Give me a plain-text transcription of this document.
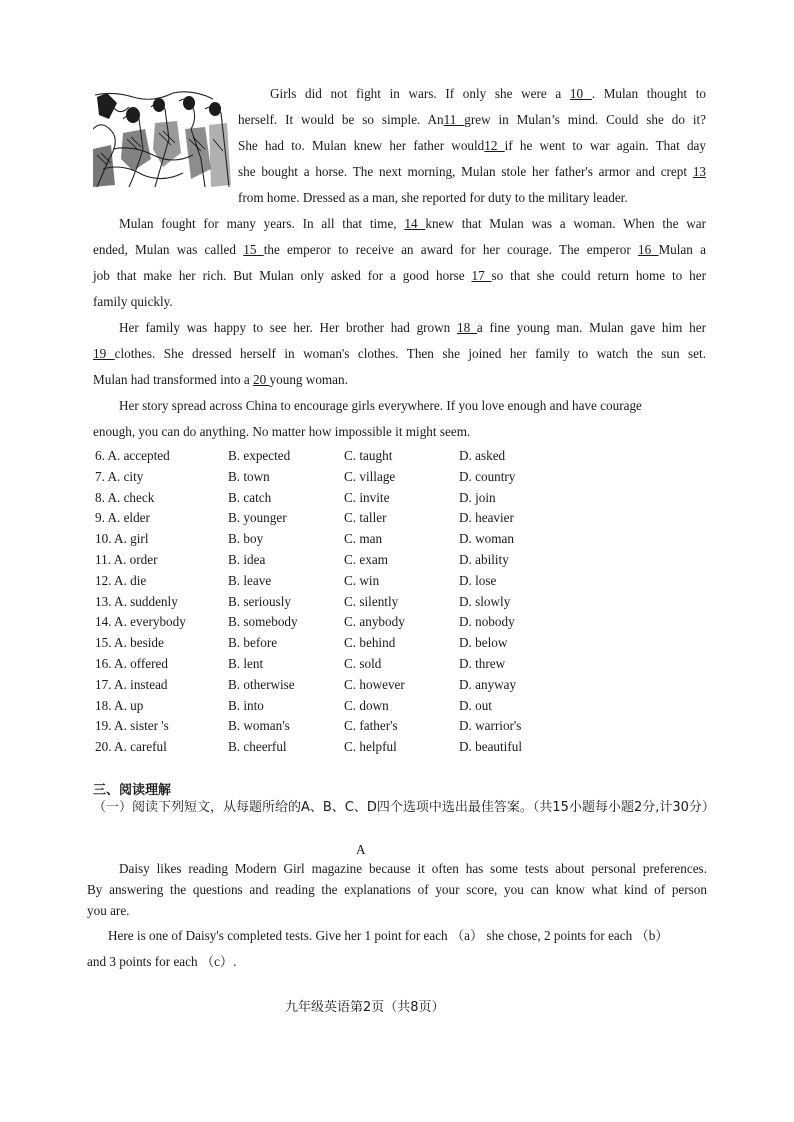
Girls did not fight in wars. If only she were a 10 . Mulan thought to
herself. It would be so simple. An11 grew in Mulan’s mind. Could she do it?
She had to. Mulan knew her father would12 if he went to war again. That day
she bought a horse. The next morning, Mulan stole her father's armor and crept 13
from home. Dressed as a man, she reported for duty to the military leader.
Mulan fought for many years. In all that time, 14 knew that Mulan was a woman. When the war
ended, Mulan was called 15 the emperor to receive an award for her courage. The emperor 16 Mulan a
job that make her rich. But Mulan only asked for a good horse 17 so that she could return home to her
family quickly.
Her family was happy to see her. Her brother had grown 18 a fine young man. Mulan gave him her
19 clothes. She dressed herself in woman's clothes. Then she joined her family to watch the sun set.
Mulan had transformed into a 20 young woman.
Her story spread across China to encourage girls everywhere. If you love enough and have courage
enough, you can do anything. No matter how impossible it might seem.
6. A. accepted	B. expected	C. taught	D. asked
7. A. city	B. town	C. village	D. country
8. A. check	B. catch	C. invite	D. join
9. A. elder	B. younger	C. taller	D. heavier
10. A. girl	B. boy	C. man	D. woman
11. A. order	B. idea	C. exam	D. ability
12. A. die	B. leave	C. win	D. lose
13. A. suddenly	B. seriously	C. silently	D. slowly
14. A. everybody	B. somebody	C. anybody	D. nobody
15. A. beside	B. before	C. behind	D. below
16. A. offered	B. lent	C. sold	D. threw
17. A. instead	B. otherwise	C. however	D. anyway
18. A. up	B. into	C. down	D. out
19. A. sister 's	B. woman's	C. father's	D. warrior's
20. A. careful	B. cheerful	C. helpful	D. beautiful
三、阅读理解
（一）阅读下列短文，从每题所给的A、B、C、D四个选项中选出最佳答案。（共15小题每小题2分,计30分）
A
Daisy likes reading Modern Girl magazine because it often has some tests about personal preferences.
By answering the questions and reading the explanations of your score, you can know what kind of person
you are.
Here is one of Daisy's completed tests. Give her 1 point for each （a） she chose, 2 points for each （b）
and 3 points for each （c）.
九年级英语第2页（共8页）
